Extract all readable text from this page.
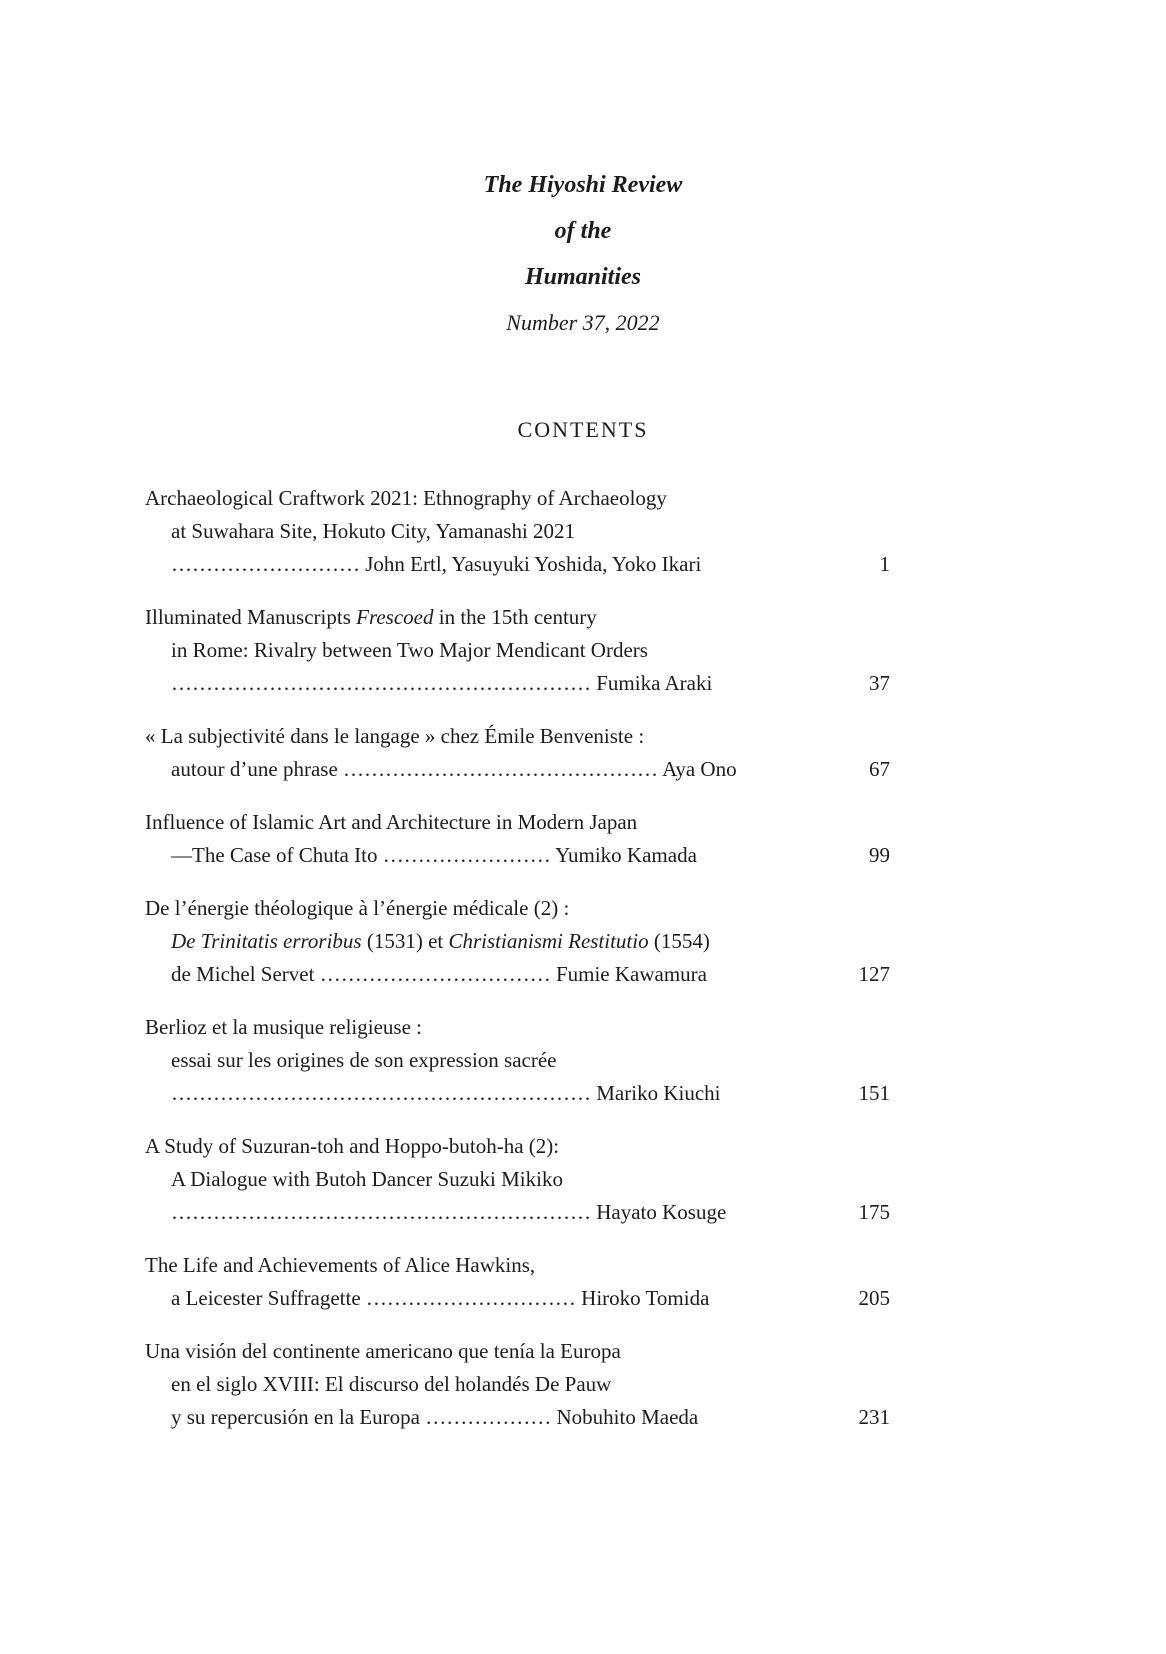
The Hiyoshi Review
of the
Humanities
Number 37, 2022
CONTENTS
Archaeological Craftwork 2021: Ethnography of Archaeology
at Suwahara Site, Hokuto City, Yamanashi 2021
……………………… John Ertl, Yasuyuki Yoshida, Yoko Ikari	1
Illuminated Manuscripts Frescoed in the 15th century
in Rome: Rivalry between Two Major Mendicant Orders
…………………………………………………… Fumika Araki	37
« La subjectivité dans le langage » chez Émile Benveniste :
autour d’une phrase ……………………………………… Aya Ono	67
Influence of Islamic Art and Architecture in Modern Japan
—The Case of Chuta Ito …………………… Yumiko Kamada	99
De l’énergie théologique à l’énergie médicale (2) :
De Trinitatis erroribus (1531) et Christianismi Restitutio (1554)
de Michel Servet …………………………… Fumie Kawamura	127
Berlioz et la musique religieuse :
essai sur les origines de son expression sacrée
…………………………………………………… Mariko Kiuchi	151
A Study of Suzuran-toh and Hoppo-butoh-ha (2):
A Dialogue with Butoh Dancer Suzuki Mikiko
…………………………………………………… Hayato Kosuge	175
The Life and Achievements of Alice Hawkins,
a Leicester Suffragette ………………………… Hiroko Tomida	205
Una visión del continente americano que tenía la Europa
en el siglo XVIII: El discurso del holandés De Pauw
y su repercusión en la Europa ……………… Nobuhito Maeda	231
